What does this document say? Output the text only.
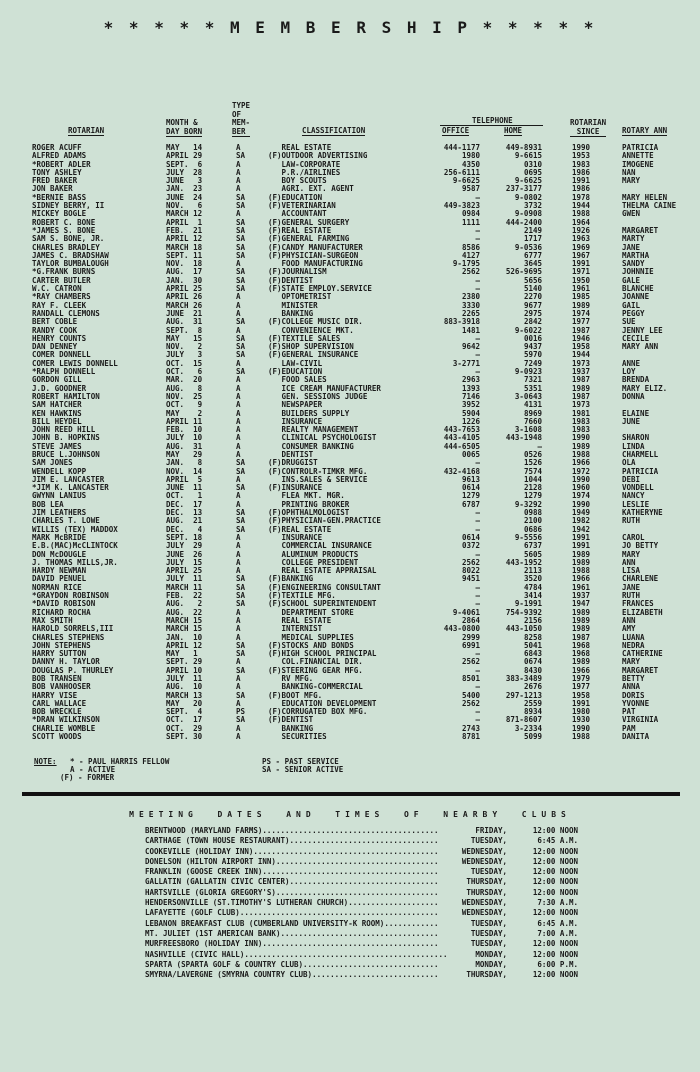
* * * * * M E M B E R S H I P * * * * *
ROTARIAN
MONTH &
DAY BORN
TYPE
OF
MEM-
BER	CLASSIFICATION
TELEPHONE
OFFICE	HOME
ROTARIAN
SINCE	ROTARY ANN
ROGER ACUFF	MAY   14	A	REAL ESTATE	444-1177	449-8931	1990	PATRICIA
ALFRED ADAMS	APRIL 29	SA	(F)OUTDOOR ADVERTISING	1980	9-6615	1953	ANNETTE
*ROBERT ADLER	SEPT.  6	A	LAW-CORPORATE	4350	0310	1983	IMOGENE
TONY ASHLEY	JULY  28	A	P.R./AIRLINES	256-6111	0695	1986	NAN
FRED BAKER	JUNE   3	A	BOY SCOUTS	9-6625	9-6625	1991	MARY
JON BAKER	JAN.  23	A	AGRI. EXT. AGENT	9587	237-3177	1986
*BERNIE BASS	JUNE  24	SA	(F)EDUCATION	–	9-0802	1978	MARY HELEN
SIDNEY BERRY, II	NOV.   6	SA	(F)VETERINARIAN	449-3823	3732	1944	THELMA CAINE
MICKEY BOGLE	MARCH 12	A	ACCOUNTANT	0984	9-0908	1988	GWEN
ROBERT C. BONE	APRIL  1	SA	(F)GENERAL SURGERY	1111	444-2400	1964
*JAMES S. BONE	FEB.  21	SA	(F)REAL ESTATE	–	2149	1926	MARGARET
SAM S. BONE, JR.	APRIL 12	SA	(F)GENERAL FARMING	–	1717	1963	MARTY
CHARLES BRADLEY	MARCH 18	SA	(F)CANDY MANUFACTURER	8586	9-0536	1969	JANE
JAMES C. BRADSHAW	SEPT. 11	SA	(F)PHYSICIAN-SURGEON	4127	6777	1967	MARTHA
TAYLOR BUMBALOUGH	NOV.  18	A	FOOD MANUFACTURING	9-1795	3645	1991	SANDY
*G.FRANK BURNS	AUG.  17	SA	(F)JOURNALISM	2562	526-9695	1971	JOHNNIE
CARTER BUTLER	JAN.  30	SA	(F)DENTIST	–	5656	1950	GALE
W.C. CATRON	APRIL 25	SA	(F)STATE EMPLOY.SERVICE	–	5140	1961	BLANCHE
*RAY CHAMBERS	APRIL 26	A	OPTOMETRIST	2380	2270	1985	JOANNE
RAY F. CLEEK	MARCH 26	A	MINISTER	3330	9677	1989	GAIL
RANDALL CLEMONS	JUNE  21	A	BANKING	2265	2975	1974	PEGGY
BERT COBLE	AUG.  31	SA	(F)COLLEGE MUSIC DIR.	883-3918	2842	1977	SUE
RANDY COOK	SEPT.  8	A	CONVENIENCE MKT.	1481	9-6022	1987	JENNY LEE
HENRY COUNTS	MAY   15	SA	(F)TEXTILE SALES	–	0016	1946	CECILE
DAN DENNEY	NOV.   2	SA	(F)SHOP SUPERVISION	9642	9437	1958	MARY ANN
COMER DONNELL	JULY   3	SA	(F)GENERAL INSURANCE	–	5970	1944
COMER LEWIS DONNELL	OCT.  15	A	LAW-CIVIL	3-2771	7249	1973	ANNE
*RALPH DONNELL	OCT.   6	SA	(F)EDUCATION	–	9-0923	1937	LOY
GORDON GILL	MAR.  20	A	FOOD SALES	2963	7321	1987	BRENDA
J.D. GOODNER	AUG.   8	A	ICE CREAM MANUFACTURER	1393	5351	1989	MARY ELIZ.
ROBERT HAMILTON	NOV.  25	A	GEN. SESSIONS JUDGE	7146	3-0643	1987	DONNA
SAM HATCHER	OCT.   9	A	NEWSPAPER	3952	4131	1973
KEN HAWKINS	MAY    2	A	BUILDERS SUPPLY	5904	8969	1981	ELAINE
BILL HEYDEL	APRIL 11	A	INSURANCE	1226	7660	1983	JUNE
JOHN REED HILL	FEB.  10	A	REALTY MANAGEMENT	443-7653	3-1608	1983
JOHN B. HOPKINS	JULY  10	A	CLINICAL PSYCHOLOGIST	443-4105	443-1948	1990	SHARON
STEVE JAMES	AUG.  31	A	CONSUMER BANKING	444-6505	–	1989	LINDA
BRUCE L.JOHNSON	MAY   29	A	DENTIST	0065	0526	1988	CHARMELL
SAM JONES	JAN.   8	SA	(F)DRUGGIST	–	1526	1966	OLA
WENDELL KOPP	NOV.  14	SA	(F)CONTROLR-TIMKR MFG.	432-4168	7574	1972	PATRICIA
JIM E. LANCASTER	APRIL  5	A	INS.SALES & SERVICE	9613	1044	1990	DEBI
*JIM K. LANCASTER	JUNE  11	SA	(F)INSURANCE	0614	2128	1960	VONDELL
GWYNN LANIUS	OCT.   1	A	FLEA MKT. MGR.	1279	1279	1974	NANCY
BOB LEA	DEC.  17	A	PRINTING BROKER	6787	9-3292	1990	LESLIE
JIM LEATHERS	DEC.  13	SA	(F)OPHTHALMOLOGIST	–	0988	1949	KATHERYNE
CHARLES T. LOWE	AUG.  21	SA	(F)PHYSICIAN-GEN.PRACTICE	–	2100	1982	RUTH
WILLIS (TEX) MADDOX	DEC.   4	SA	(F)REAL ESTATE	–	0686	1942
MARK McBRIDE	SEPT. 18	A	INSURANCE	0614	9-5556	1991	CAROL
E.B.(MAC)McCLINTOCK	JULY  29	A	COMMERCIAL INSURANCE	0372	6737	1991	JO BETTY
DON McDOUGLE	JUNE  26	A	ALUMINUM PRODUCTS	–	5605	1989	MARY
J. THOMAS MILLS,JR.	JULY  15	A	COLLEGE PRESIDENT	2562	443-1952	1989	ANN
HARDY NEWMAN	APRIL 25	A	REAL ESTATE APPRAISAL	8022	2113	1988	LISA
DAVID PENUEL	JULY  11	SA	(F)BANKING	9451	3520	1966	CHARLENE
NORMAN RICE	MARCH 11	SA	(F)ENGINEERING CONSULTANT	–	4784	1961	JANE
*GRAYDON ROBINSON	FEB.  22	SA	(F)TEXTILE MFG.	–	3414	1937	RUTH
*DAVID ROBISON	AUG.   2	SA	(F)SCHOOL SUPERINTENDENT	–	9-1991	1947	FRANCES
RICHARD ROCHA	AUG.  22	A	DEPARTMENT STORE	9-4061	754-9392	1989	ELIZABETH
MAX SMITH	MARCH 15	A	REAL ESTATE	2864	2156	1989	ANN
HAROLD SORRELS,III	MARCH 15	A	INTERNIST	443-0800	443-1050	1989	AMY
CHARLES STEPHENS	JAN.  10	A	MEDICAL SUPPLIES	2999	8258	1987	LUANA
JOHN STEPHENS	APRIL 12	SA	(F)STOCKS AND BONDS	6991	5041	1968	NEDRA
HARRY SUTTON	MAY   1	SA	(F)HIGH SCHOOL PRINCIPAL	–	6843	1968	CATHERINE
DANNY H. TAYLOR	SEPT. 29	A	COL.FINANCIAL DIR.	2562	0674	1989	MARY
DOUGLAS P. THURLEY	APRIL 10	SA	(F)STEERING GEAR MFG.	–	8430	1966	MARGARET
BOB TRANSEN	JULY  11	A	RV MFG.	8501	383-3489	1979	BETTY
BOB VANHOOSER	AUG.  10	A	BANKING-COMMERCIAL	–	2676	1977	ANNA
HARRY VISE	MARCH 13	SA	(F)BOOT MFG.	5400	297-1213	1958	DORIS
CARL WALLACE	MAY   20	A	EDUCATION DEVELOPMENT	2562	2559	1991	YVONNE
BOB WRECKLE	SEPT.  4	PS	(F)CORRUGATED BOX MFG.	–	8934	1980	PAT
*DRAN WILKINSON	OCT.  17	SA	(F)DENTIST	–	871-8607	1930	VIRGINIA
CHARLIE WOMBLE	OCT.  29	A	BANKING	2743	3-2334	1990	PAM
SCOTT WOODS	SEPT. 30	A	SECURITIES	8781	5099	1988	DANITA
NOTE: * - PAUL HARRIS FELLOW
A - ACTIVE
(F) - FORMER
PS - PAST SERVICE
SA - SENIOR ACTIVE
MEETING  DATES  AND  TIMES  OF  NEARBY  CLUBS
BRENTWOOD (MARYLAND FARMS).......................................	FRIDAY,	12:00 NOON
CARTHAGE (TOWN HOUSE RESTAURANT).................................	TUESDAY,	6:45 A.M.
COOKEVILLE (HOLIDAY INN).........................................	WEDNESDAY,	12:00 NOON
DONELSON (HILTON AIRPORT INN)....................................	WEDNESDAY,	12:00 NOON
FRANKLIN (GOOSE CREEK INN).......................................	TUESDAY,	12:00 NOON
GALLATIN (GALLATIN CIVIC CENTER).................................	THURSDAY,	12:00 NOON
HARTSVILLE (GLORIA GREGORY'S)....................................	THURSDAY,	12:00 NOON
HENDERSONVILLE (ST.TIMOTHY'S LUTHERAN CHURCH)....................	WEDNESDAY,	7:30 A.M.
LAFAYETTE (GOLF CLUB)............................................	WEDNESDAY,	12:00 NOON
LEBANON BREAKFAST CLUB (CUMBERLAND UNIVERSITY-K ROOM)............	TUESDAY,	6:45 A.M.
MT. JULIET (1ST AMERICAN BANK)...................................	TUESDAY,	7:00 A.M.
MURFREESBORO (HOLIDAY INN).......................................	TUESDAY,	12:00 NOON
NASHVILLE (CIVIC HALL).............................................	MONDAY,	12:00 NOON
SPARTA (SPARTA GOLF & COUNTRY CLUB)..............................	MONDAY,	6:00 P.M.
SMYRNA/LAVERGNE (SMYRNA COUNTRY CLUB)............................	THURSDAY,	12:00 NOON
